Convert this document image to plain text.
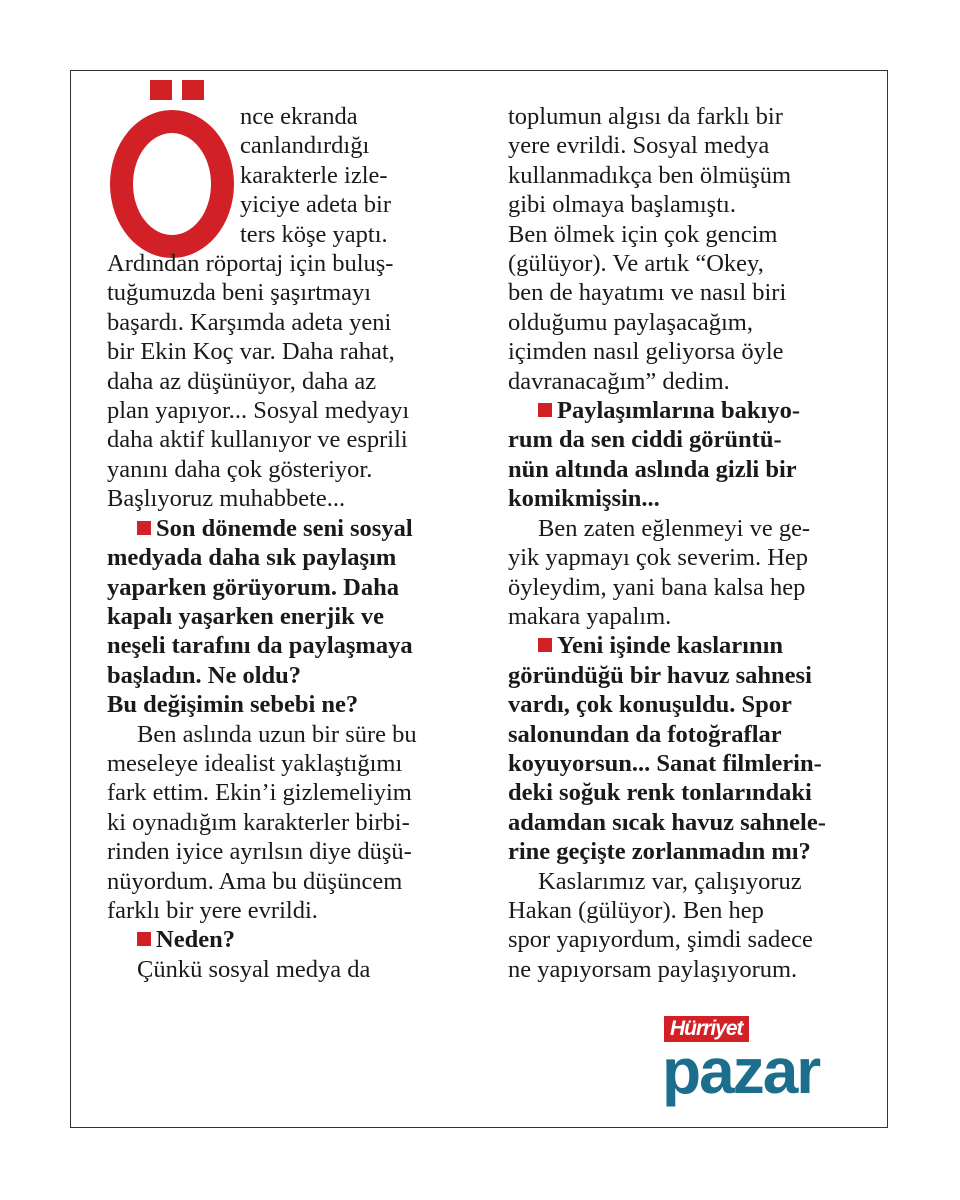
nce ekranda

canlandırdığı

karakterle izle-

yiciye adeta bir

ters köşe yaptı.

Ardından röportaj için buluş-

tuğumuzda beni şaşırtmayı

başardı. Karşımda adeta yeni

bir Ekin Koç var. Daha rahat,

daha az düşünüyor, daha az

plan yapıyor... Sosyal medyayı

daha aktif kullanıyor ve esprili

yanını daha çok gösteriyor.

Başlıyoruz muhabbete...

Son dönemde seni sosyal

medyada daha sık paylaşım

yaparken görüyorum. Daha

kapalı yaşarken enerjik ve

neşeli tarafını da paylaşmaya

başladın. Ne oldu?

Bu değişimin sebebi ne?

Ben aslında uzun bir süre bu

meseleye idealist yaklaştığımı

fark ettim. Ekin’i gizlemeliyim

ki oynadığım karakterler birbi-

rinden iyice ayrılsın diye düşü-

nüyordum. Ama bu düşüncem

farklı bir yere evrildi.

Neden?

Çünkü sosyal medya da

toplumun algısı da farklı bir

yere evrildi. Sosyal medya

kullanmadıkça ben ölmüşüm

gibi olmaya başlamıştı.

Ben ölmek için çok gencim

(gülüyor). Ve artık “Okey,

ben de hayatımı ve nasıl biri

olduğumu paylaşacağım,

içimden nasıl geliyorsa öyle

davranacağım” dedim.

Paylaşımlarına bakıyo-

rum da sen ciddi görüntü-

nün altında aslında gizli bir

komikmişsin...

Ben zaten eğlenmeyi ve ge-

yik yapmayı çok severim. Hep

öyleydim, yani bana kalsa hep

makara yapalım.

Yeni işinde kaslarının

göründüğü bir havuz sahnesi

vardı, çok konuşuldu. Spor

salonundan da fotoğraflar

koyuyorsun... Sanat filmlerin-

deki soğuk renk tonlarındaki

adamdan sıcak havuz sahnele-

rine geçişte zorlanmadın mı?

Kaslarımız var, çalışıyoruz

Hakan (gülüyor). Ben hep

spor yapıyordum, şimdi sadece

ne yapıyorsam paylaşıyorum.

Hürriyet
pazar
